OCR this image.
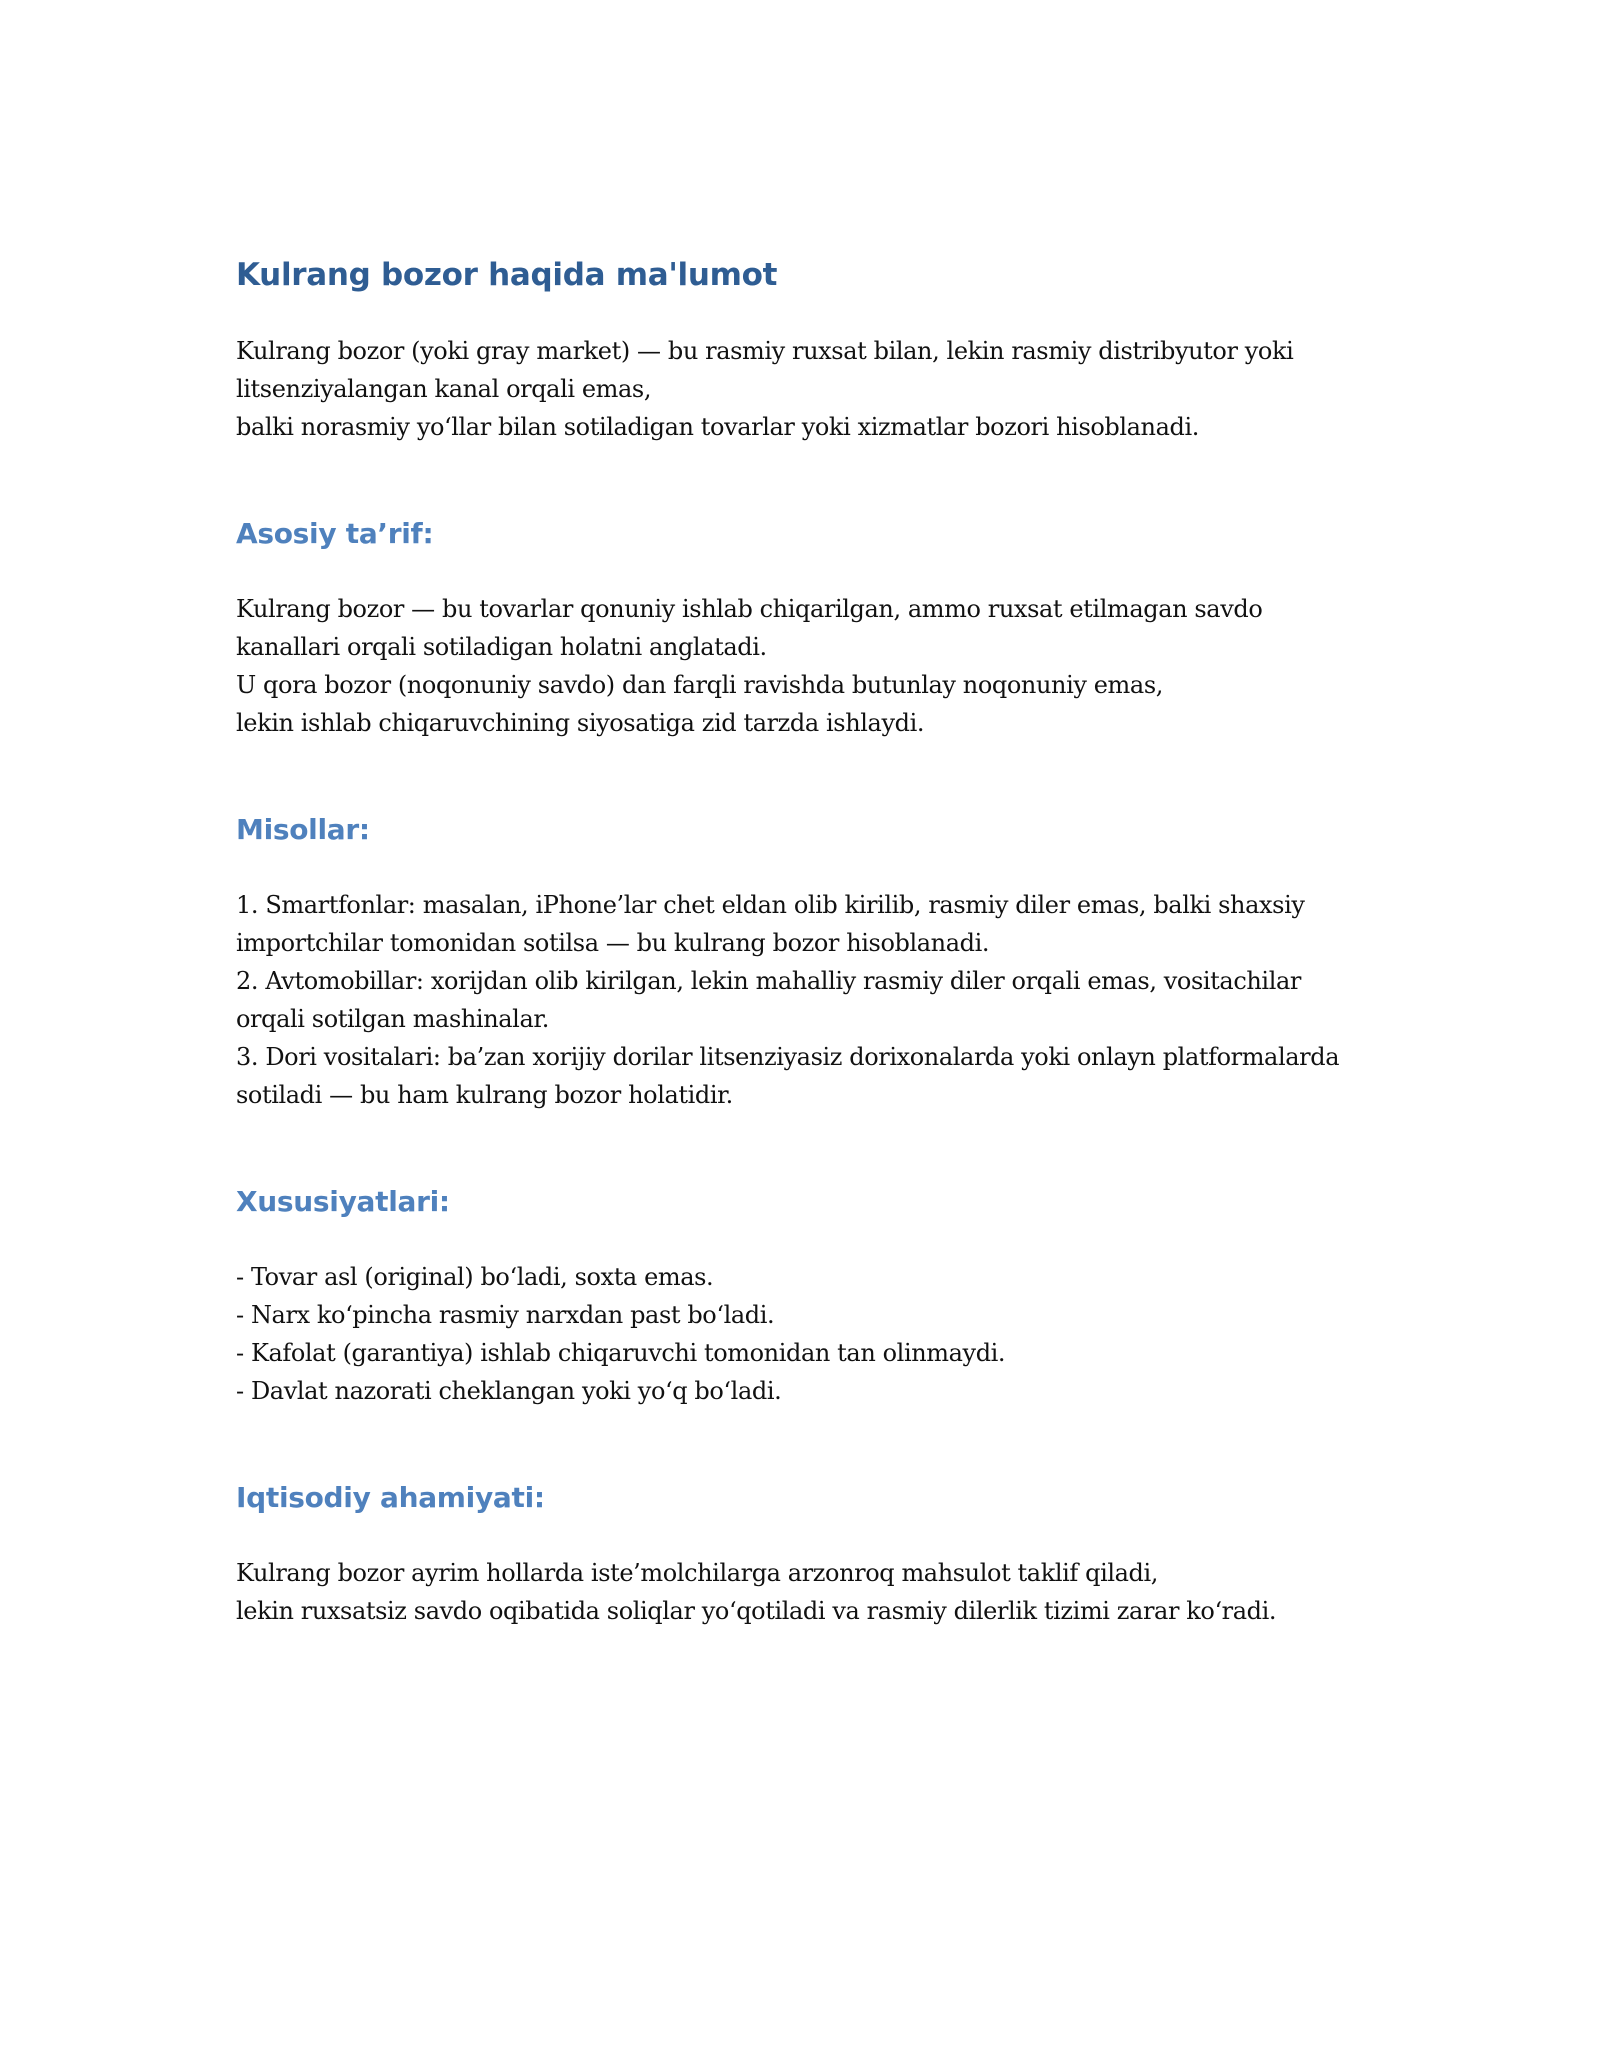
Kulrang bozor haqida ma'lumot

Kulrang bozor (yoki gray market) — bu rasmiy ruxsat bilan, lekin rasmiy distribyutor yoki
litsenziyalangan kanal orqali emas,
balki norasmiy yo‘llar bilan sotiladigan tovarlar yoki xizmatlar bozori hisoblanadi.

Asosiy ta’rif:

Kulrang bozor — bu tovarlar qonuniy ishlab chiqarilgan, ammo ruxsat etilmagan savdo
kanallari orqali sotiladigan holatni anglatadi.
U qora bozor (noqonuniy savdo) dan farqli ravishda butunlay noqonuniy emas,
lekin ishlab chiqaruvchining siyosatiga zid tarzda ishlaydi.

Misollar:

1. Smartfonlar: masalan, iPhone’lar chet eldan olib kirilib, rasmiy diler emas, balki shaxsiy
importchilar tomonidan sotilsa — bu kulrang bozor hisoblanadi.
2. Avtomobillar: xorijdan olib kirilgan, lekin mahalliy rasmiy diler orqali emas, vositachilar
orqali sotilgan mashinalar.
3. Dori vositalari: ba’zan xorijiy dorilar litsenziyasiz dorixonalarda yoki onlayn platformalarda
sotiladi — bu ham kulrang bozor holatidir.

Xususiyatlari:

- Tovar asl (original) bo‘ladi, soxta emas.
- Narx ko‘pincha rasmiy narxdan past bo‘ladi.
- Kafolat (garantiya) ishlab chiqaruvchi tomonidan tan olinmaydi.
- Davlat nazorati cheklangan yoki yo‘q bo‘ladi.

Iqtisodiy ahamiyati:

Kulrang bozor ayrim hollarda iste’molchilarga arzonroq mahsulot taklif qiladi,
lekin ruxsatsiz savdo oqibatida soliqlar yo‘qotiladi va rasmiy dilerlik tizimi zarar ko‘radi.
